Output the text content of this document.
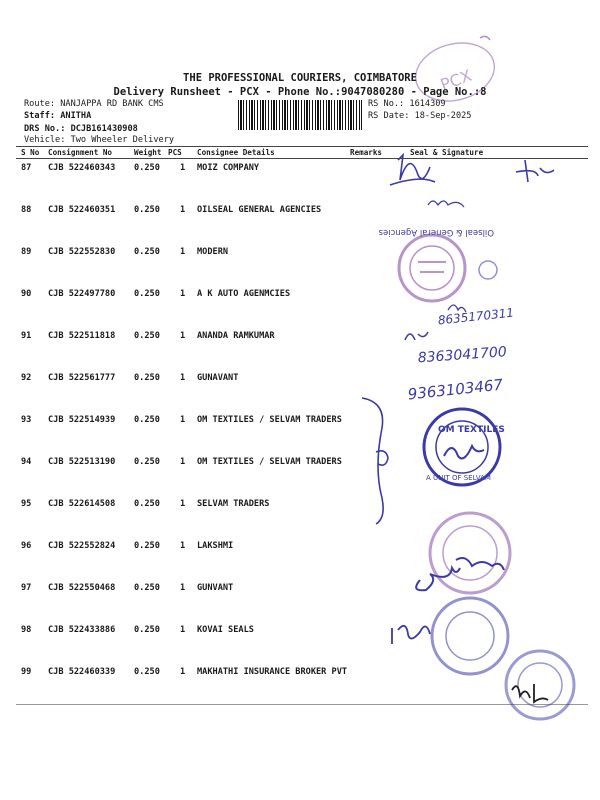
THE PROFESSIONAL COURIERS, COIMBATORE
Delivery Runsheet - PCX - Phone No.:9047080280 - Page No.:8
Route: NANJAPPA RD BANK CMS
Staff: ANITHA
DRS No.: DCJB161430908
Vehicle: Two Wheeler Delivery
RS No.: 1614309
RS Date: 18-Sep-2025
S No Consignment No	Weight PCS Consignee Details	Remarks	Seal & Signature
87 CJB 522460343 0.250 1 MOIZ COMPANY
88 CJB 522460351 0.250 1 OILSEAL GENERAL AGENCIES
89 CJB 522552830 0.250 1 MODERN
90 CJB 522497780 0.250 1 A K AUTO AGENMCIES
91 CJB 522511818 0.250 1 ANANDA RAMKUMAR
92 CJB 522561777 0.250 1 GUNAVANT
93 CJB 522514939 0.250 1 OM TEXTILES / SELVAM TRADERS
94 CJB 522513190 0.250 1 OM TEXTILES / SELVAM TRADERS
95 CJB 522614508 0.250 1 SELVAM TRADERS
96 CJB 522552824 0.250 1 LAKSHMI
97 CJB 522550468 0.250 1 GUNVANT
98 CJB 522433886 0.250 1 KOVAI SEALS
99 CJB 522460339 0.250 1 MAKHATHI INSURANCE BROKER PVT
PCX
Oilseal & General Agencies
8635170311
8363041700
9363103467
OM TEXTILES
A UNIT OF SELVAM
